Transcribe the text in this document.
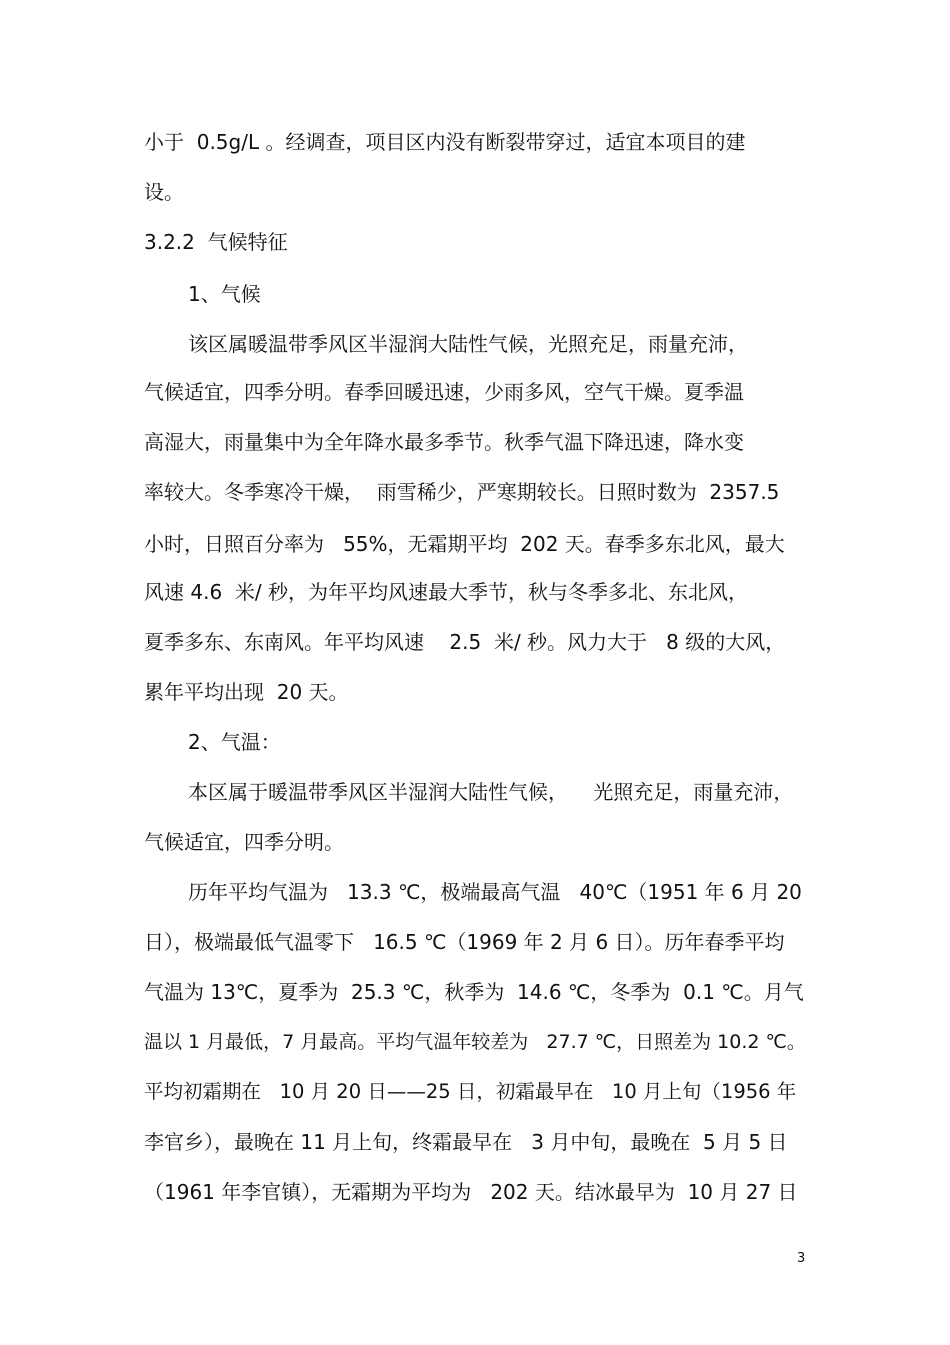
小于  0.5g/L 。经调查，项目区内没有断裂带穿过，适宜本项目的建
设。
3.2.2  气候特征
1、气候
该区属暖温带季风区半湿润大陆性气候，光照充足，雨量充沛，
气候适宜，四季分明。春季回暖迅速，少雨多风，空气干燥。夏季温
高湿大，雨量集中为全年降水最多季节。秋季气温下降迅速，降水变
率较大。冬季寒冷干燥，  雨雪稀少，严寒期较长。日照时数为  2357.5
小时，日照百分率为   55%，无霜期平均  202 天。春季多东北风，最大
风速 4.6  米/ 秒，为年平均风速最大季节，秋与冬季多北、东北风，
夏季多东、东南风。年平均风速    2.5  米/ 秒。风力大于   8 级的大风，
累年平均出现  20 天。
2、气温：
本区属于暖温带季风区半湿润大陆性气候，    光照充足，雨量充沛，
气候适宜，四季分明。
历年平均气温为   13.3 ℃，极端最高气温   40℃（1951 年 6 月 20
日），极端最低气温零下   16.5 ℃（1969 年 2 月 6 日）。历年春季平均
气温为 13℃，夏季为  25.3 ℃，秋季为  14.6 ℃，冬季为  0.1 ℃。月气
温以 1 月最低，7 月最高。平均气温年较差为   27.7 ℃，日照差为 10.2 ℃。
平均初霜期在   10 月 20 日——25 日，初霜最早在   10 月上旬（1956 年
李官乡），最晚在 11 月上旬，终霜最早在   3 月中旬，最晚在  5 月 5 日
（1961 年李官镇），无霜期为平均为   202 天。结冰最早为  10 月 27 日
3
